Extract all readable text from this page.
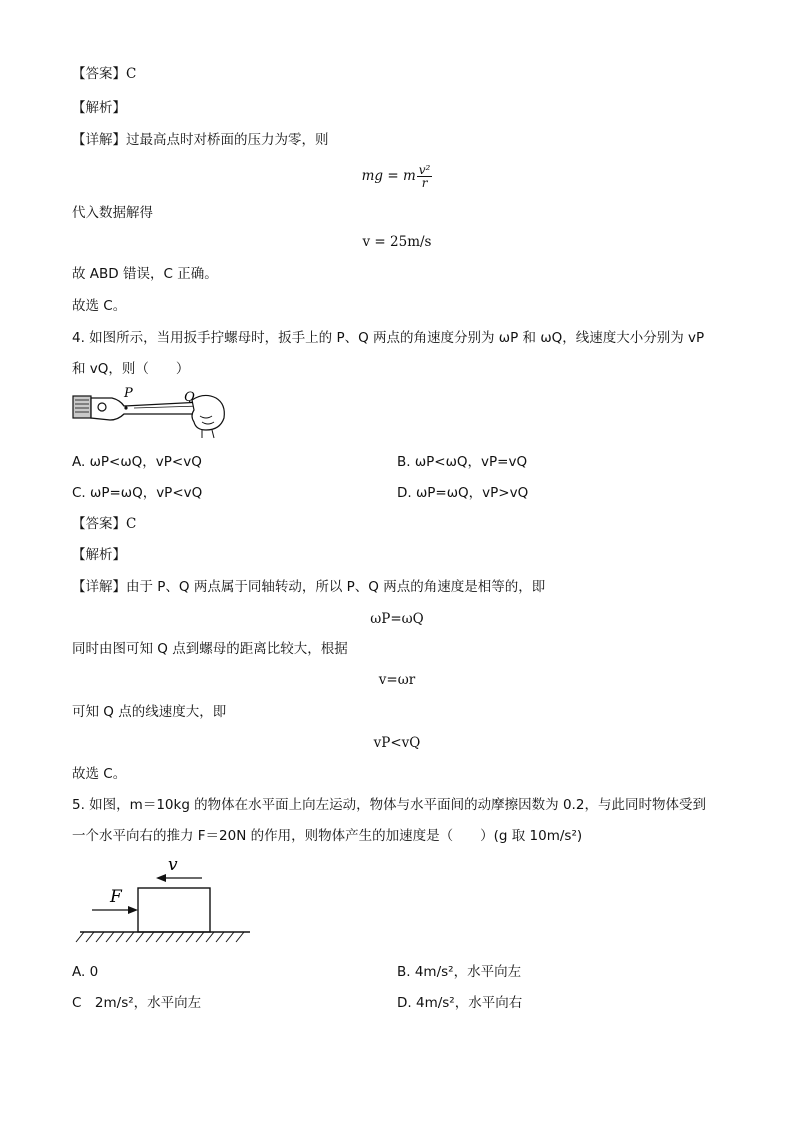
【答案】C
【解析】
【详解】过最高点时对桥面的压力为零，则
mg = m $\frac{\text{v²}}{r}$
代入数据解得
v = 25m/s
故 ABD 错误，C 正确。
故选 C。
4. 如图所示，当用扳手拧螺母时，扳手上的 P、Q 两点的角速度分别为 ωP 和 ωQ，线速度大小分别为 vP
和 vQ，则（　　）
P	Q
A. ωP<ωQ，vP<vQ	B. ωP<ωQ，vP=vQ
C. ωP=ωQ，vP<vQ	D. ωP=ωQ，vP>vQ
【答案】C
【解析】
【详解】由于 P、Q 两点属于同轴转动，所以 P、Q 两点的角速度是相等的，即
ωP=ωQ
同时由图可知 Q 点到螺母的距离比较大，根据
v=ωr
可知 Q 点的线速度大，即
vP<vQ
故选 C。
5. 如图，m＝10kg 的物体在水平面上向左运动，物体与水平面间的动摩擦因数为 0.2，与此同时物体受到
一个水平向右的推力 F＝20N 的作用，则物体产生的加速度是（　　）(g 取 10m/s²)
v
F
A. 0	B. 4m/s²，水平向左
C　2m/s²，水平向左	D. 4m/s²，水平向右
